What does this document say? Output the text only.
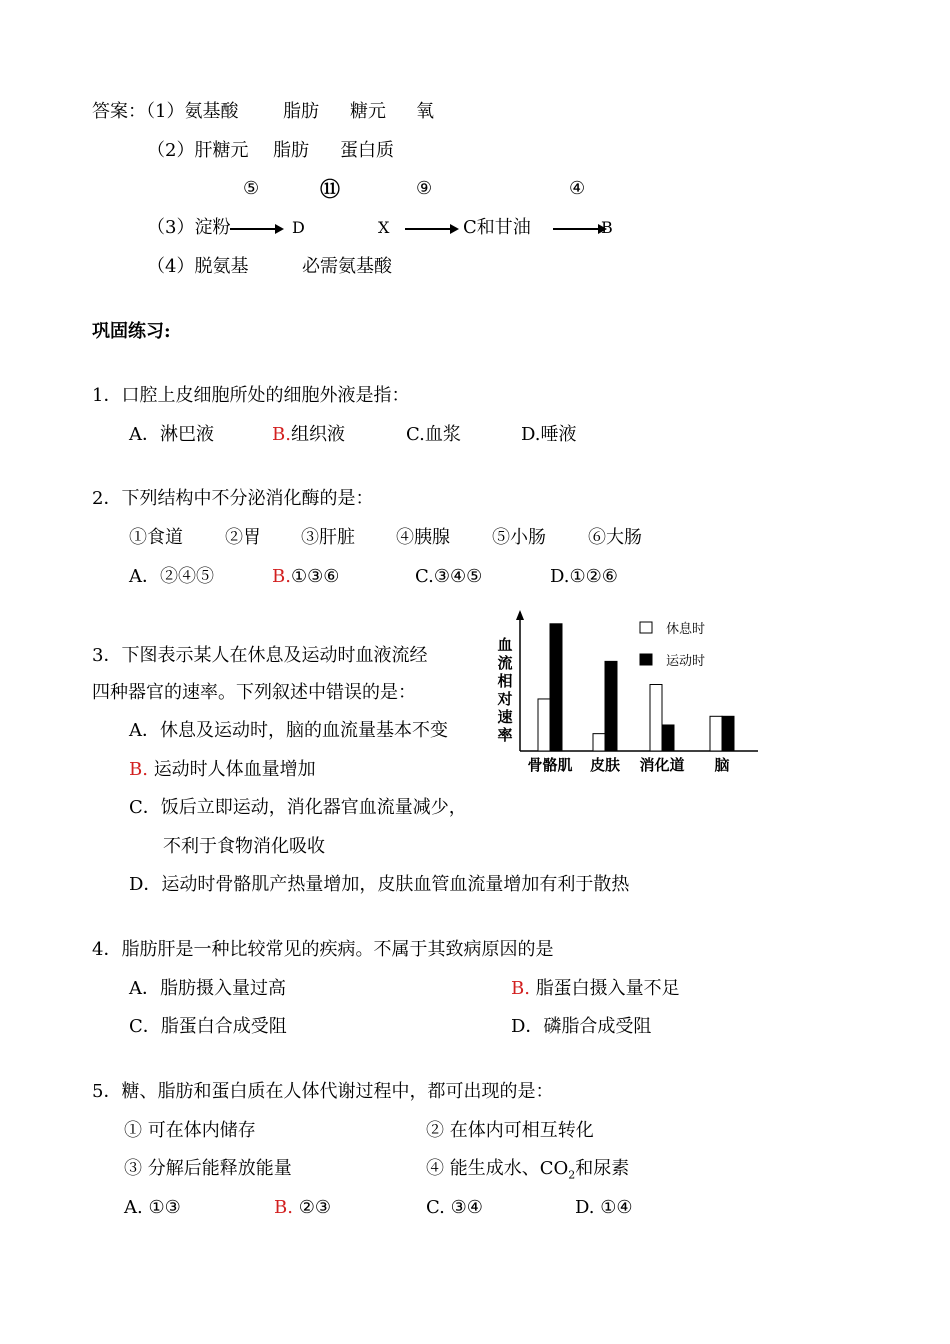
答案：（1）氨基酸 脂肪 糖元 氧
（2）肝糖元 脂肪 蛋白质
⑤	⑪	⑨	④
（3）淀粉	D	X	C和甘油	B
（4）脱氨基	必需氨基酸
巩固练习:
1．口腔上皮细胞所处的细胞外液是指：
A．淋巴液	B.组织液	C.血浆	D.唾液
2．下列结构中不分泌消化酶的是：
①食道 ②胃 ③肝脏 ④胰腺 ⑤小肠 ⑥大肠
A．②④⑤	B.①③⑥	C.③④⑤	D.①②⑥
3．下图表示某人在休息及运动时血液流经
四种器官的速率。下列叙述中错误的是：
A．休息及运动时，脑的血流量基本不变
B. 运动时人体血量增加
C．饭后立即运动，消化器官血流量减少，
不利于食物消化吸收
D．运动时骨骼肌产热量增加，皮肤血管血流量增加有利于散热
血
流
相
对
速
率
骨骼肌 皮肤 消化道 脑
休息时
运动时
4．脂肪肝是一种比较常见的疾病。不属于其致病原因的是
A．脂肪摄入量过高	B. 脂蛋白摄入量不足
C．脂蛋白合成受阻	D．磷脂合成受阻
5．糖、脂肪和蛋白质在人体代谢过程中，都可出现的是：
① 可在体内储存	② 在体内可相互转化
③ 分解后能释放能量	④ 能生成水、$CO_2$和尿素
A. ①③	B. ②③	C. ③④	D. ①④
